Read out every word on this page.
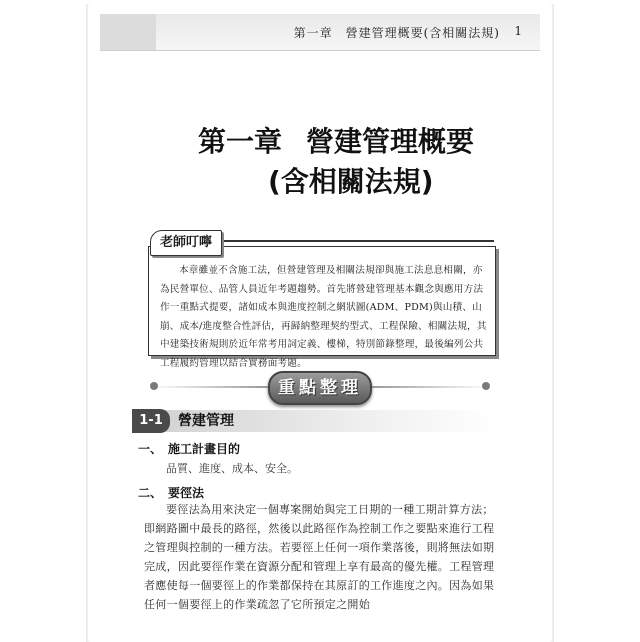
第一章　營建管理概要(含相關法規) 1
第一章 營建管理概要
(含相關法規)
老師叮嚀
本章雖並不含施工法，但營建管理及相關法規卻與施工法息息相關，亦為民營單位、品管人員近年考題趨勢。首先將營建管理基本觀念與應用方法作一重點式提要，諸如成本與進度控制之網狀圖(ADM、PDM)與山積、山崩、成本/進度整合性評估，再歸納整理契約型式、工程保險、相關法規，其中建築技術規則於近年常考用詞定義、樓梯，特別節錄整理，最後編列公共工程履約管理以結合實務面考題。
重點整理
1-1	營建管理
一、 施工計畫目的
品質、進度、成本、安全。
二、 要徑法
要徑法為用來決定一個專案開始與完工日期的一種工期計算方法；即網路圖中最長的路徑，然後以此路徑作為控制工作之要點來進行工程之管理與控制的一種方法。若要徑上任何一項作業落後，則將無法如期完成，因此要徑作業在資源分配和管理上享有最高的優先權。工程管理者應使每一個要徑上的作業都保持在其原訂的工作進度之內。因為如果任何一個要徑上的作業疏忽了它所預定之開始
